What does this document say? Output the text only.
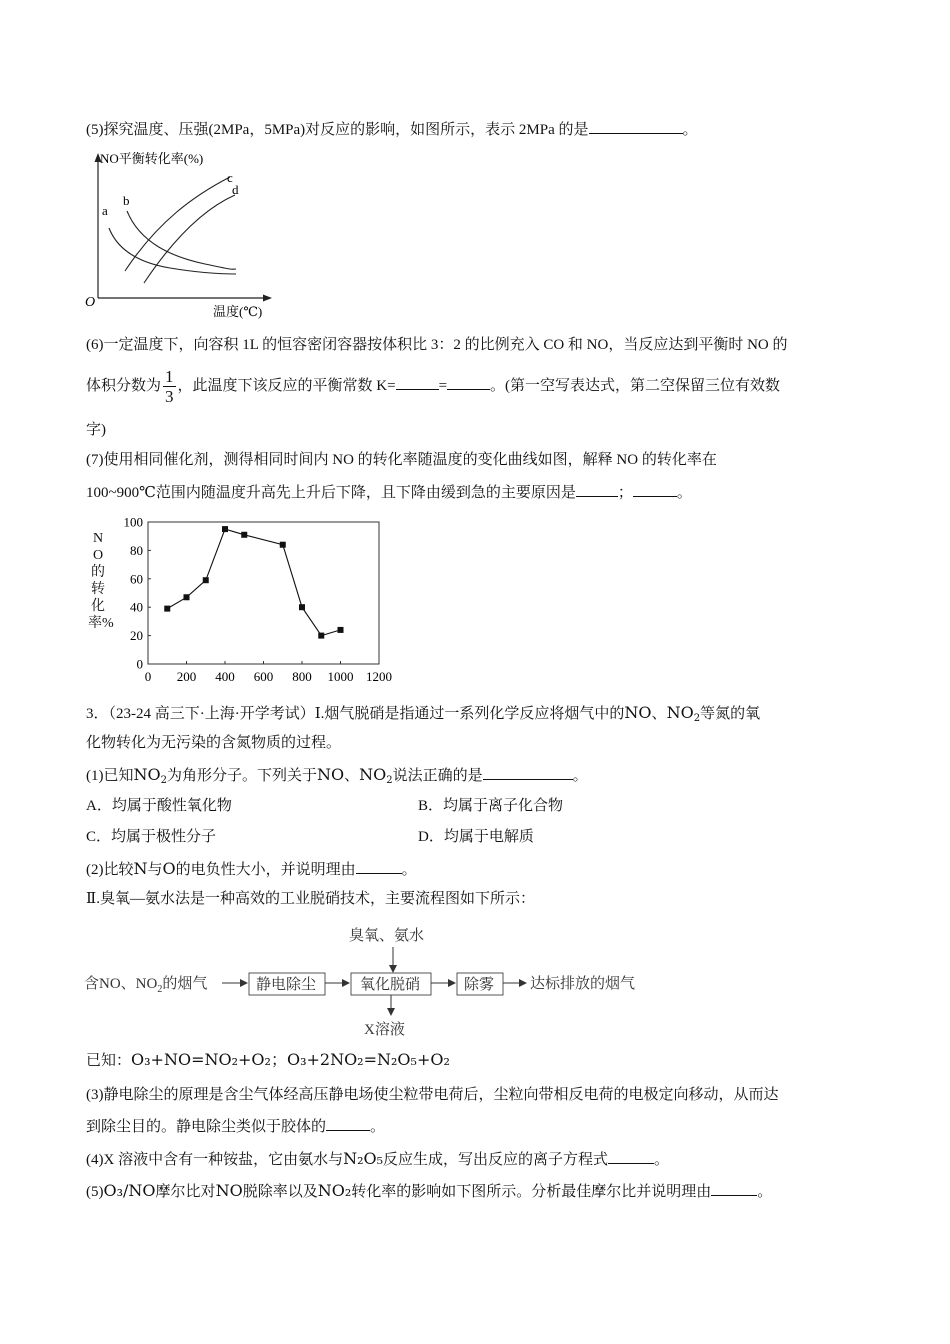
(5)探究温度、压强(2MPa，5MPa)对反应的影响，如图所示，表示 2MPa 的是	。
NO平衡转化率(%)
O
温度(℃)
a
b
c
d
(6)一定温度下，向容积 1L 的恒容密闭容器按体积比 3：2 的比例充入 CO 和 NO，当反应达到平衡时 NO 的
体积分数为 $\frac{1}{3}$ ，此温度下该反应的平衡常数 K=	=	。(第一空写表达式，第二空保留三位有效数
字)
(7)使用相同催化剂，测得相同时间内 NO 的转化率随温度的变化曲线如图，解释 NO 的转化率在
100~900℃范围内随温度升高先上升后下降，且下降由缓到急的主要原因是	；	。
NO的转化率%
0 200 400 600 800 1000 1200
0
20
40
60
80
100
3．（23-24 高三下·上海·开学考试）Ⅰ.烟气脱硝是指通过一系列化学反应将烟气中的NO、$NO_2$等氮的氧
化物转化为无污染的含氮物质的过程。
(1)已知$NO_2$为角形分子。下列关于NO、$NO_2$说法正确的是	。
A．均属于酸性氧化物	B．均属于离子化合物
C．均属于极性分子	D．均属于电解质
(2)比较N与O的电负性大小，并说明理由	。
Ⅱ.臭氧—氨水法是一种高效的工业脱硝技术，主要流程图如下所示：
臭氧、氨水
含NO、$NO_2$的烟气	静电除尘	氧化脱硝	除雾 达标排放的烟气
X溶液
已知：O₃+NO=NO₂+O₂；O₃+2NO₂=N₂O₅+O₂
(3)静电除尘的原理是含尘气体经高压静电场使尘粒带电荷后，尘粒向带相反电荷的电极定向移动，从而达
到除尘目的。静电除尘类似于胶体的	。
(4)X 溶液中含有一种铵盐，它由氨水与N₂O₅反应生成，写出反应的离子方程式	。
(5)O₃/NO摩尔比对NO脱除率以及NO₂转化率的影响如下图所示。分析最佳摩尔比并说明理由	。
